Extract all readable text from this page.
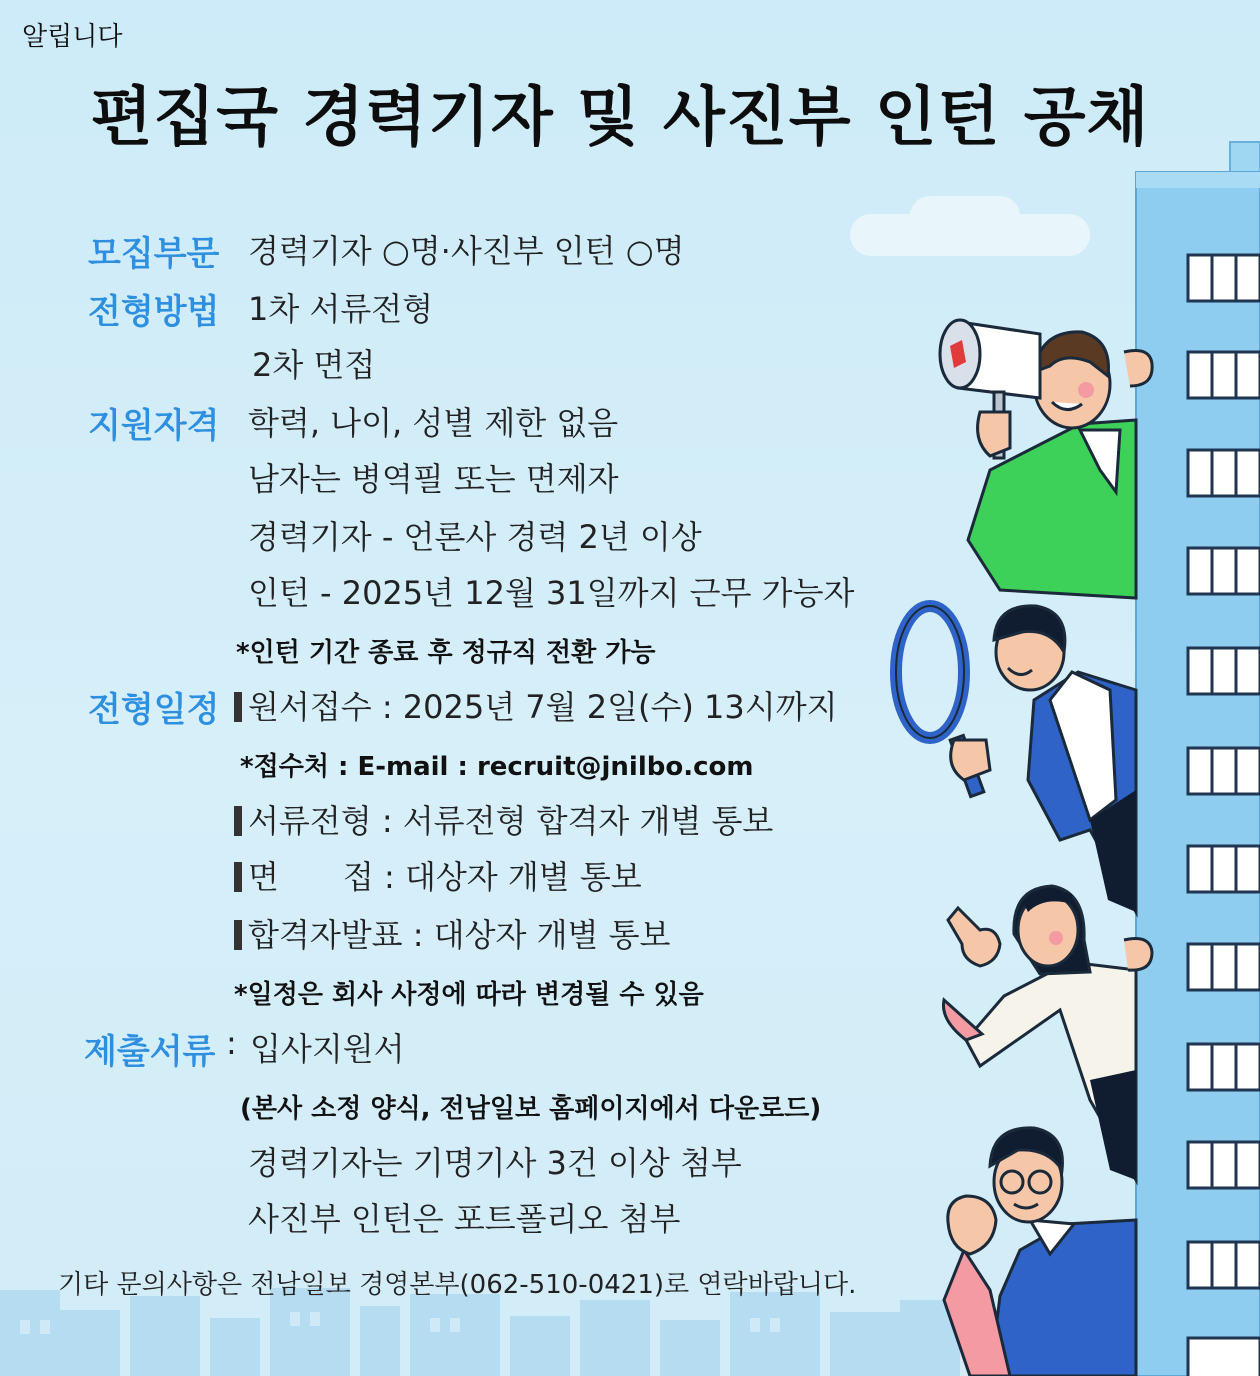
알립니다
편집국 경력기자 및 사진부 인턴 공채
모집부문 경력기자 ○명·사진부 인턴 ○명
전형방법 1차 서류전형
2차 면접
지원자격 학력, 나이, 성별 제한 없음
남자는 병역필 또는 면제자
경력기자 - 언론사 경력 2년 이상
인턴 - 2025년 12월 31일까지 근무 가능자
*인턴 기간 종료 후 정규직 전환 가능
전형일정 원서접수 : 2025년 7월 2일(수) 13시까지
*접수처 : E-mail : recruit@jnilbo.com
서류전형 : 서류전형 합격자 개별 통보
면　　접 : 대상자 개별 통보
합격자발표 : 대상자 개별 통보
*일정은 회사 사정에 따라 변경될 수 있음
제출서류 : 입사지원서
(본사 소정 양식, 전남일보 홈페이지에서 다운로드)
경력기자는 기명기사 3건 이상 첨부
사진부 인턴은 포트폴리오 첨부
기타 문의사항은 전남일보 경영본부(062-510-0421)로 연락바랍니다.
